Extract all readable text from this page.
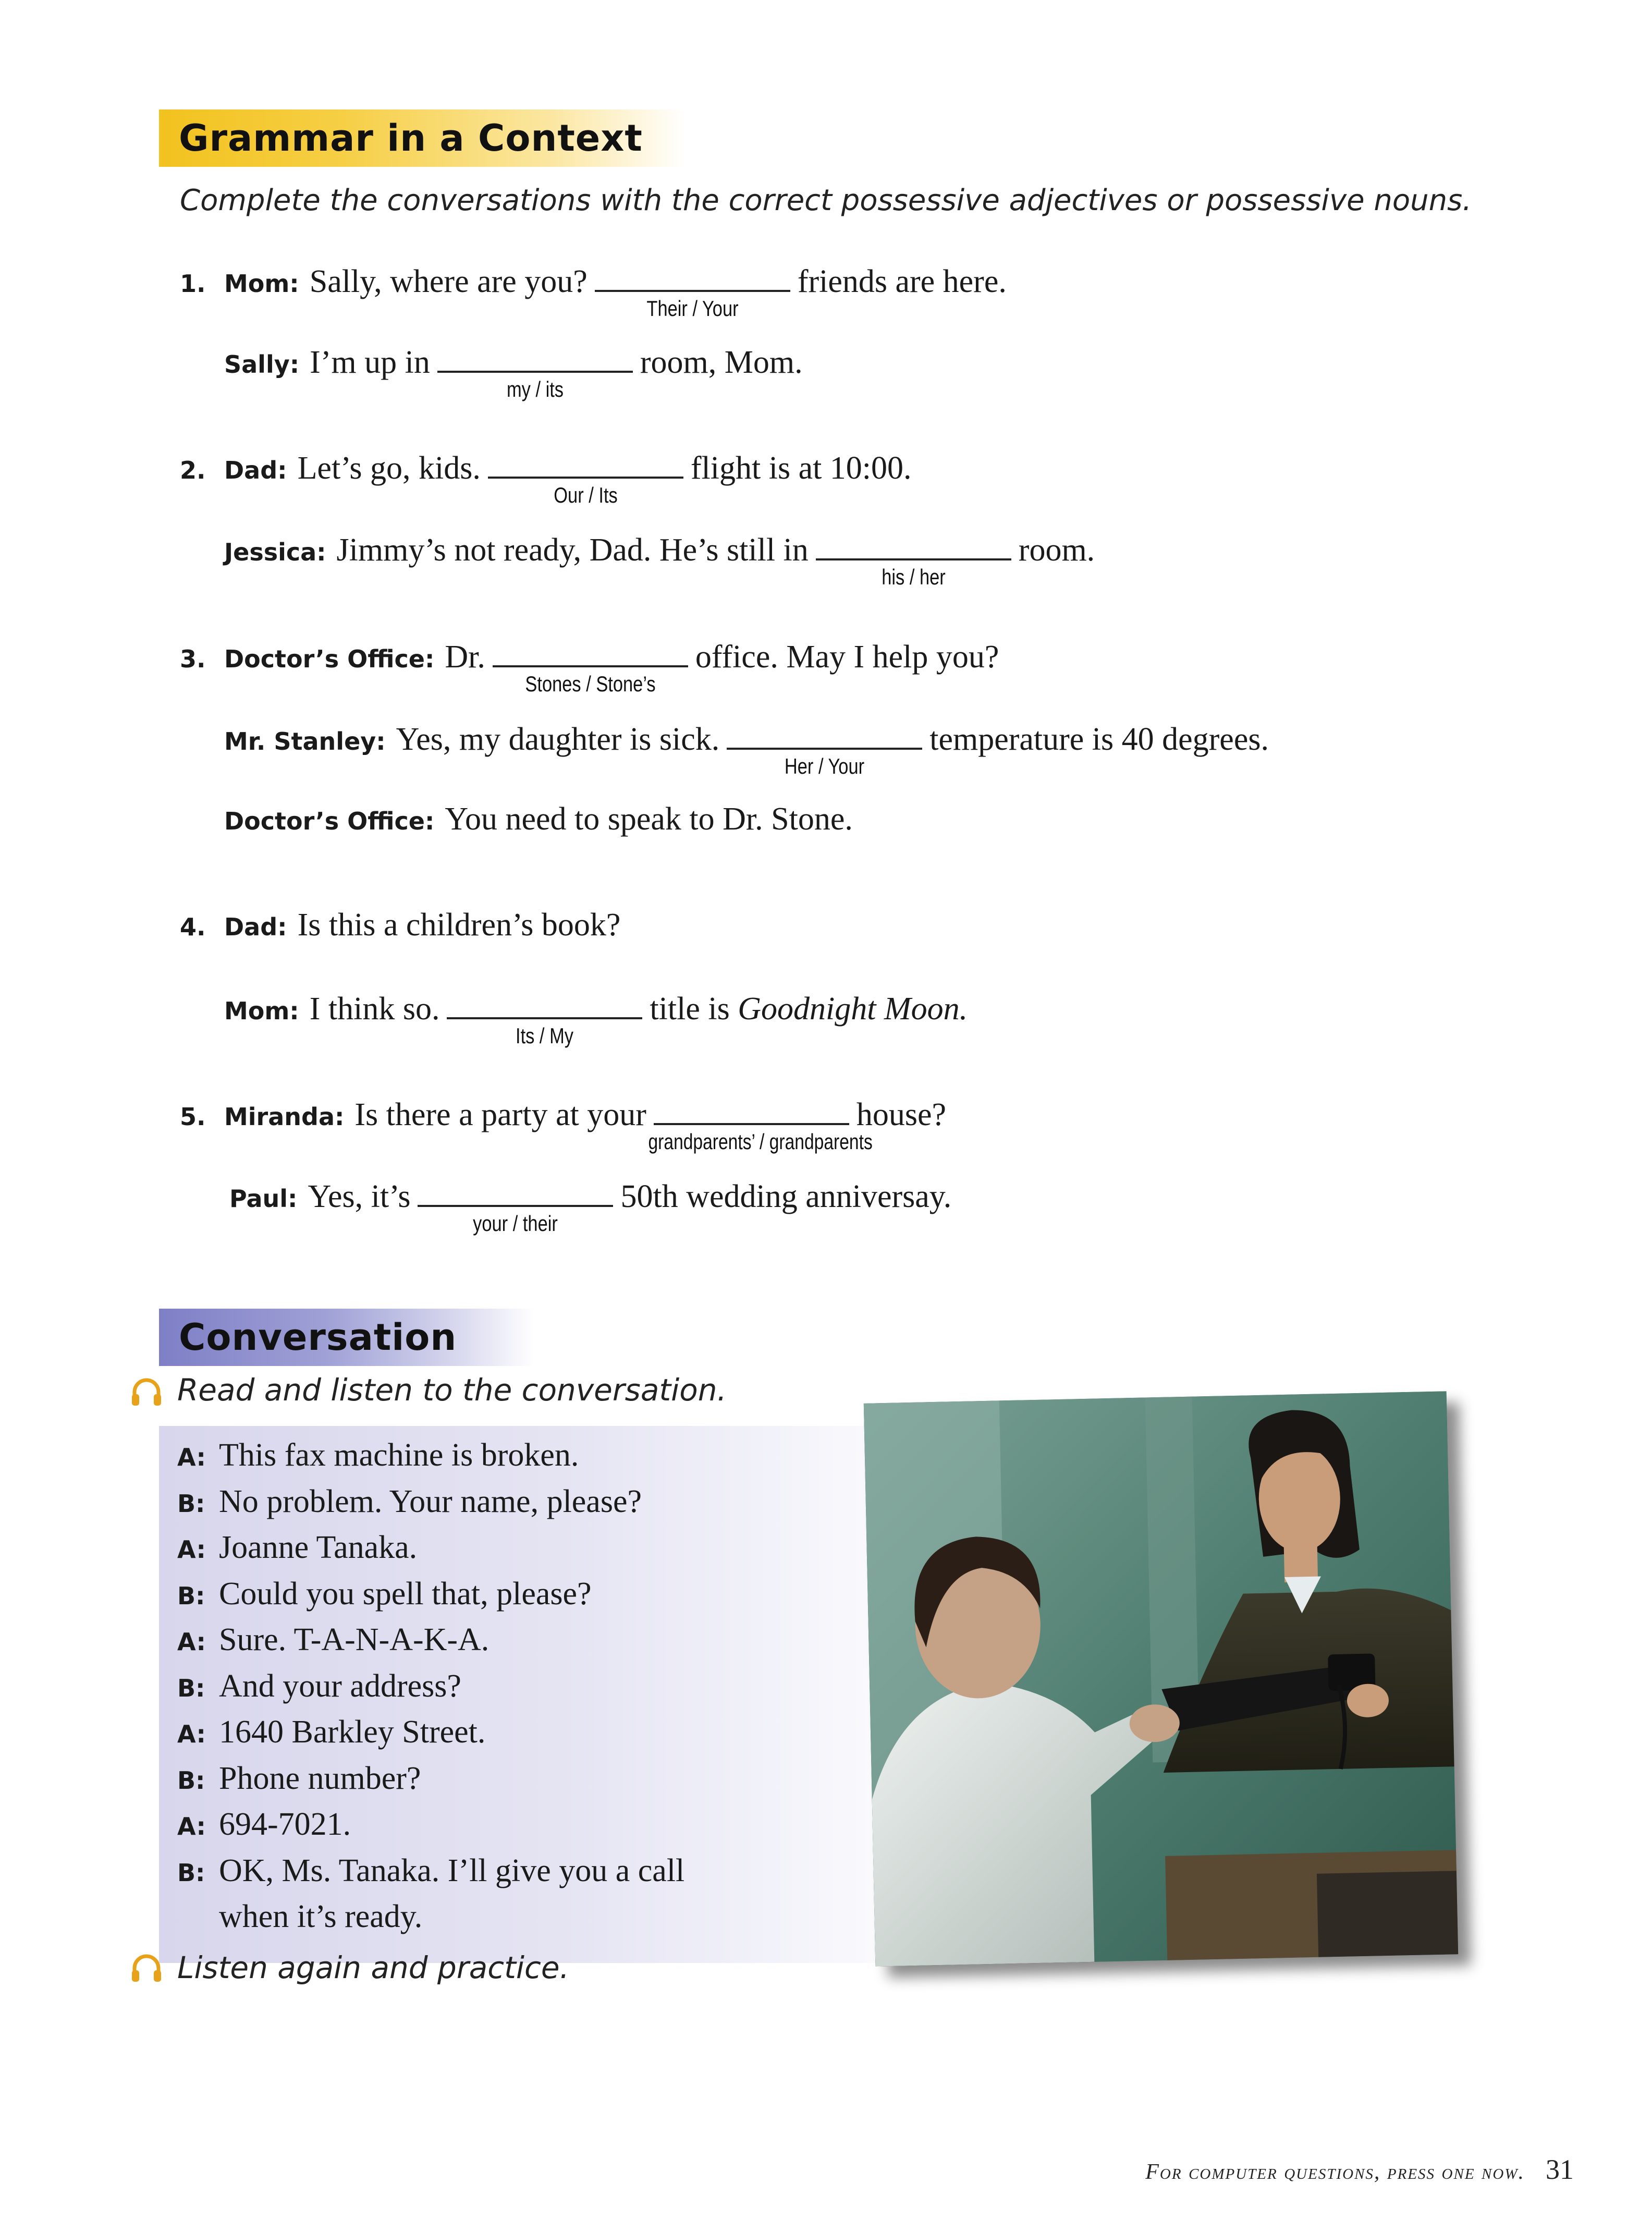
Grammar in a Context
Complete the conversations with the correct possessive adjectives or possessive nouns.
1. Mom: Sally, where are you?
Their / Your
friends are here.
Sally: I’m up in
my / its
room, Mom.
2. Dad: Let’s go, kids.
Our / Its
flight is at 10:00.
Jessica: Jimmy’s not ready, Dad. He’s still in
his / her
room.
3. Doctor’s Office: Dr.
Stones / Stone’s
office. May I help you?
Mr. Stanley: Yes, my daughter is sick.
Her / Your
temperature is 40 degrees.
Doctor’s Office: You need to speak to Dr. Stone.
4. Dad: Is this a children’s book?
Mom: I think so.
Its / My
title is Goodnight Moon.
5. Miranda: Is there a party at your
grandparents’ / grandparents
house?
Paul: Yes, it’s
your / their
50th wedding anniversay.
Conversation
Read and listen to the conversation.
A: This fax machine is broken.
B: No problem. Your name, please?
A: Joanne Tanaka.
B: Could you spell that, please?
A: Sure. T-A-N-A-K-A.
B: And your address?
A: 1640 Barkley Street.
B: Phone number?
A: 694-7021.
B: OK, Ms. Tanaka. I’ll give you a call
when it’s ready.
Listen again and practice.
For computer questions, press one now. 31
